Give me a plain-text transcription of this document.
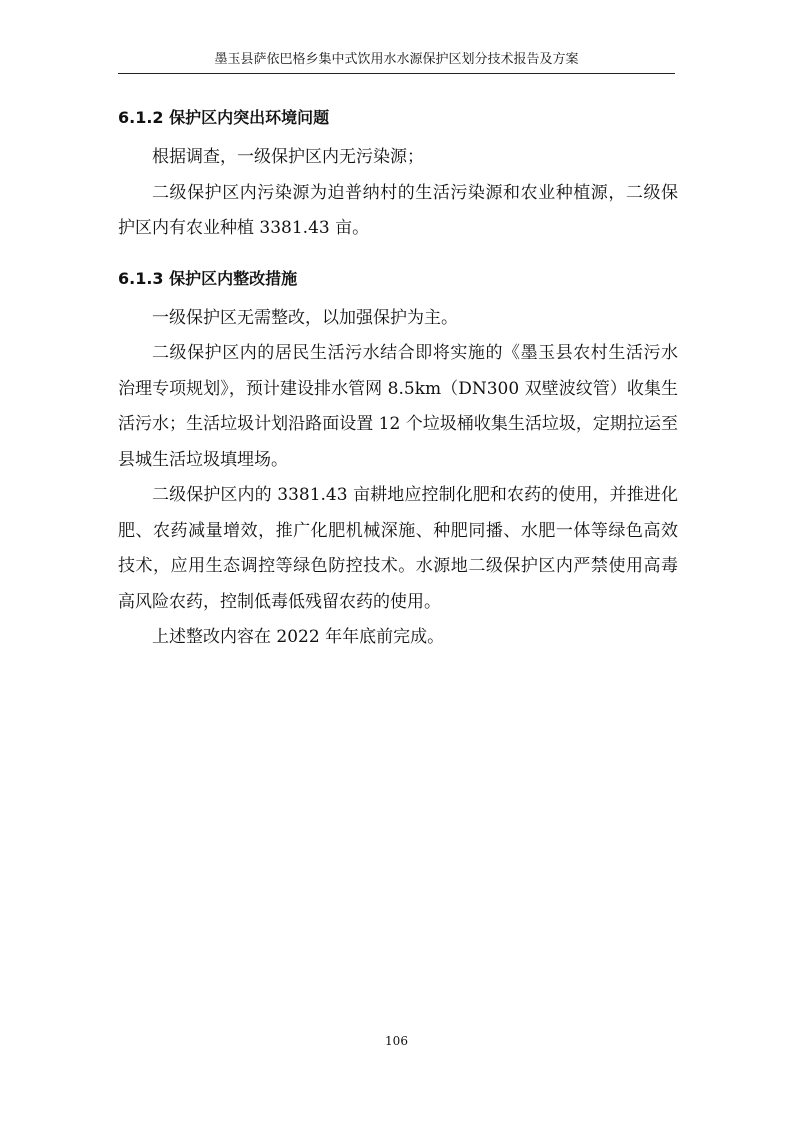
墨玉县萨依巴格乡集中式饮用水水源保护区划分技术报告及方案
6.1.2 保护区内突出环境问题

根据调查，一级保护区内无污染源；

二级保护区内污染源为迫普纳村的生活污染源和农业种植源，二级保护区内有农业种植 3381.43 亩。

6.1.3 保护区内整改措施

一级保护区无需整改，以加强保护为主。

二级保护区内的居民生活污水结合即将实施的《墨玉县农村生活污水治理专项规划》，预计建设排水管网 8.5km（DN300 双壁波纹管）收集生活污水；生活垃圾计划沿路面设置 12 个垃圾桶收集生活垃圾，定期拉运至县城生活垃圾填埋场。

二级保护区内的 3381.43 亩耕地应控制化肥和农药的使用，并推进化肥、农药减量增效，推广化肥机械深施、种肥同播、水肥一体等绿色高效技术，应用生态调控等绿色防控技术。水源地二级保护区内严禁使用高毒高风险农药，控制低毒低残留农药的使用。

上述整改内容在 2022 年年底前完成。

106
